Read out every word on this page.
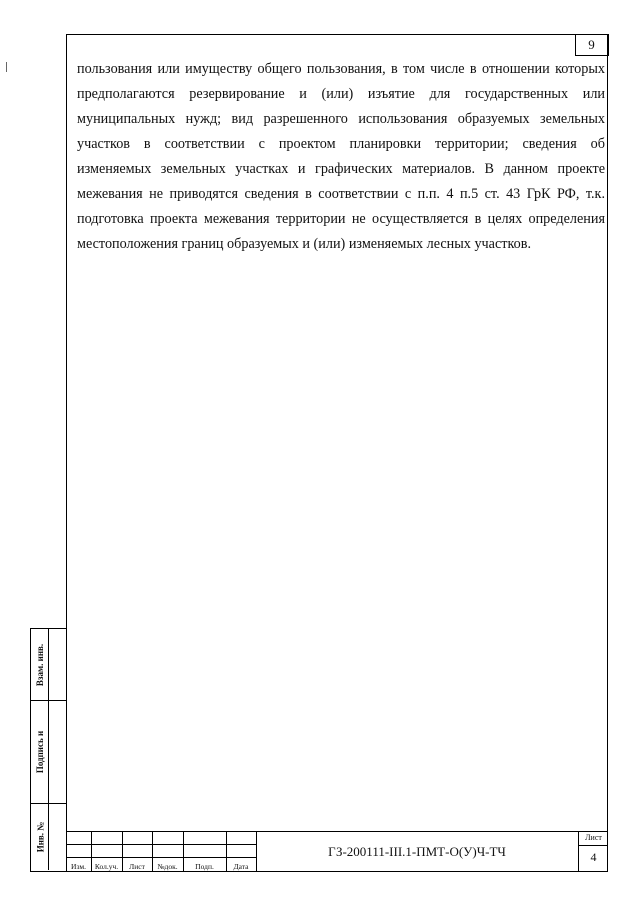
9

пользования или имуществу общего пользования, в том числе в отношении которых
предполагаются резервирование и (или) изъятие для государственных или
муниципальных нужд; вид разрешенного использования образуемых земельных
участков в соответствии с проектом планировки территории; сведения об
изменяемых земельных участках и графических материалов. В данном проекте
межевания не приводятся сведения в соответствии с п.п. 4 п.5 ст. 43 ГрК РФ, т.к.
подготовка проекта межевания территории не осуществляется в целях определения
местоположения границ образуемых и (или) изменяемых лесных участков.

Взам. инв.
Подпись и
Инв. №
Изм.	Кол.уч.	Лист	№док.	Подп.	Дата
ГЗ-200111-III.1-ПМТ-О(У)Ч-ТЧ
Лист
4
